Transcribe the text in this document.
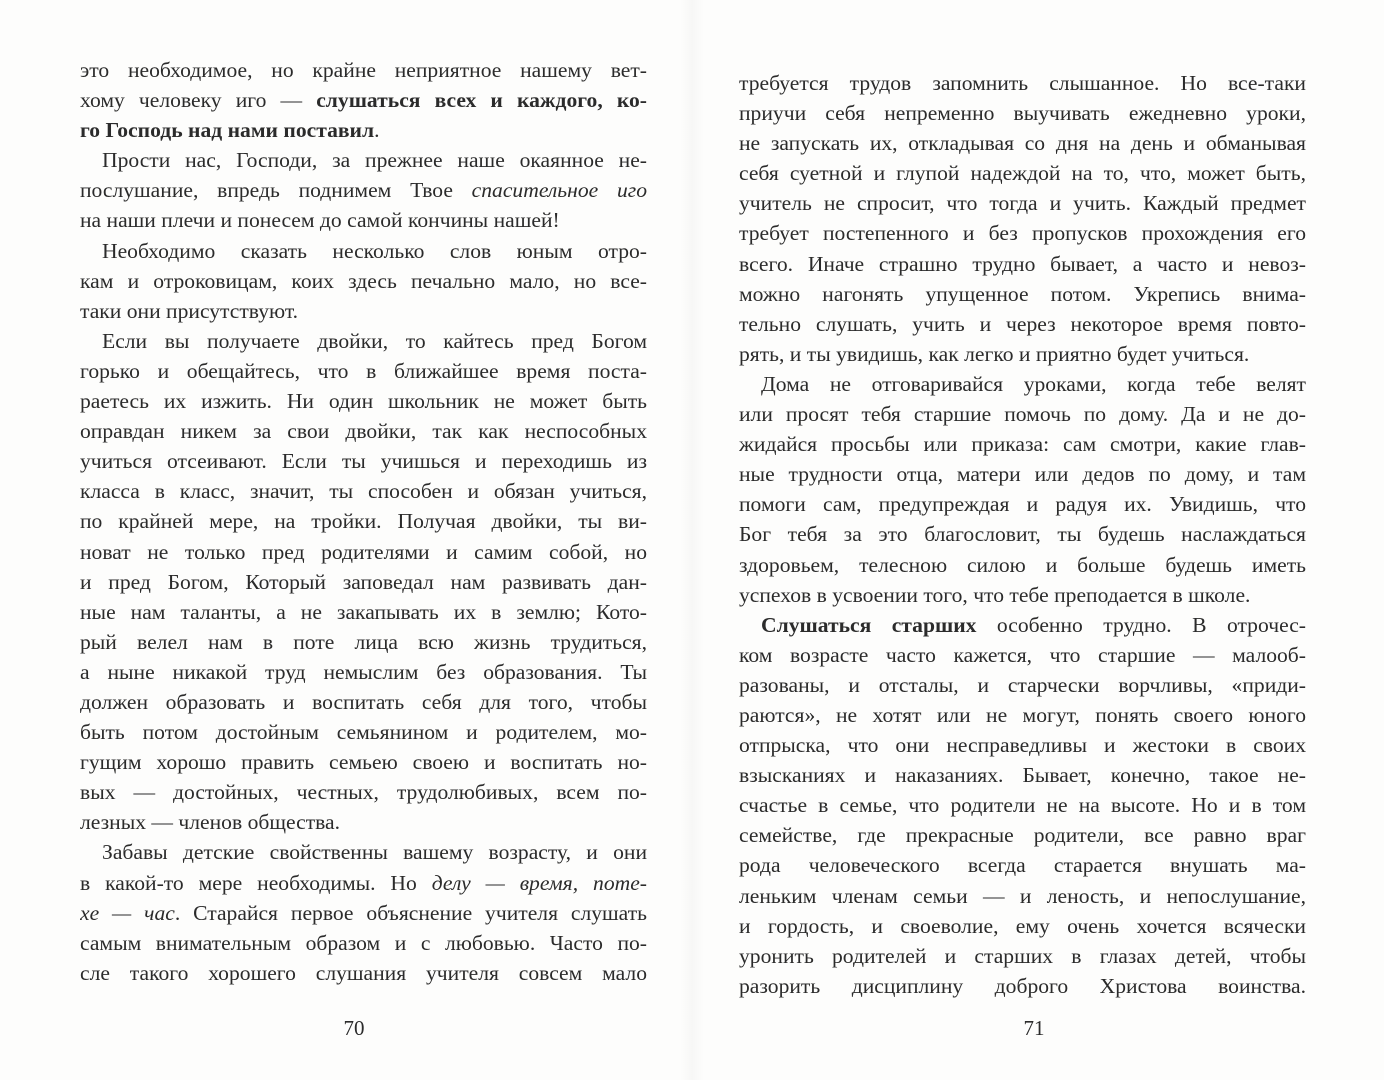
это необходимое, но крайне неприятное нашему вет-
хому человеку иго — слушаться всех и каждого, ко-
го Господь над нами поставил.
Прости нас, Господи, за прежнее наше окаянное не-
послушание, впредь поднимем Твое спасительное иго
на наши плечи и понесем до самой кончины нашей!
Необходимо сказать несколько слов юным отро-
кам и отроковицам, коих здесь печально мало, но все-
таки они присутствуют.
Если вы получаете двойки, то кайтесь пред Богом
горько и обещайтесь, что в ближайшее время поста-
раетесь их изжить. Ни один школьник не может быть
оправдан никем за свои двойки, так как неспособных
учиться отсеивают. Если ты учишься и переходишь из
класса в класс, значит, ты способен и обязан учиться,
по крайней мере, на тройки. Получая двойки, ты ви-
новат не только пред родителями и самим собой, но
и пред Богом, Который заповедал нам развивать дан-
ные нам таланты, а не закапывать их в землю; Кото-
рый велел нам в поте лица всю жизнь трудиться,
а ныне никакой труд немыслим без образования. Ты
должен образовать и воспитать себя для того, чтобы
быть потом достойным семьянином и родителем, мо-
гущим хорошо править семьею своею и воспитать но-
вых — достойных, честных, трудолюбивых, всем по-
лезных — членов общества.
Забавы детские свойственны вашему возрасту, и они
в какой-то мере необходимы. Но делу — время, поте-
хе — час. Старайся первое объяснение учителя слушать
самым внимательным образом и с любовью. Часто по-
сле такого хорошего слушания учителя совсем мало
требуется трудов запомнить слышанное. Но все-таки
приучи себя непременно выучивать ежедневно уроки,
не запускать их, откладывая со дня на день и обманывая
себя суетной и глупой надеждой на то, что, может быть,
учитель не спросит, что тогда и учить. Каждый предмет
требует постепенного и без пропусков прохождения его
всего. Иначе страшно трудно бывает, а часто и невоз-
можно нагонять упущенное потом. Укрепись внима-
тельно слушать, учить и через некоторое время повто-
рять, и ты увидишь, как легко и приятно будет учиться.
Дома не отговаривайся уроками, когда тебе велят
или просят тебя старшие помочь по дому. Да и не до-
жидайся просьбы или приказа: сам смотри, какие глав-
ные трудности отца, матери или дедов по дому, и там
помоги сам, предупреждая и радуя их. Увидишь, что
Бог тебя за это благословит, ты будешь наслаждаться
здоровьем, телесною силою и больше будешь иметь
успехов в усвоении того, что тебе преподается в школе.
Слушаться старших особенно трудно. В отрочес-
ком возрасте часто кажется, что старшие — малооб-
разованы, и отсталы, и старчески ворчливы, «приди-
раются», не хотят или не могут, понять своего юного
отпрыска, что они несправедливы и жестоки в своих
взысканиях и наказаниях. Бывает, конечно, такое не-
счастье в семье, что родители не на высоте. Но и в том
семействе, где прекрасные родители, все равно враг
рода человеческого всегда старается внушать ма-
леньким членам семьи — и леность, и непослушание,
и гордость, и своеволие, ему очень хочется всячески
уронить родителей и старших в глазах детей, чтобы
разорить дисциплину доброго Христова воинства.
70	71
